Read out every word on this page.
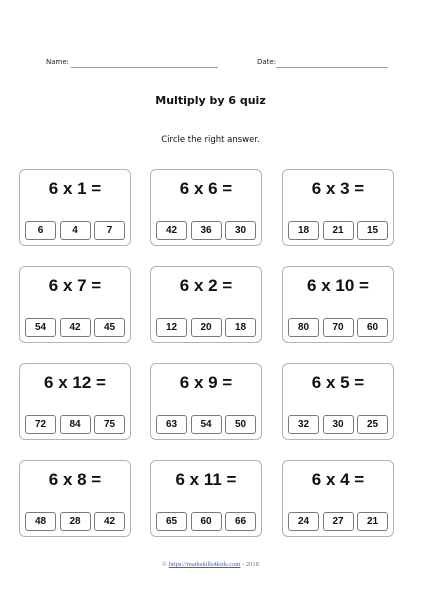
Name:	Date:
Multiply by 6 quiz
Circle the right answer.
6 x 1 =
6	4	7
6 x 6 =
42	36	30
6 x 3 =
18	21	15
6 x 7 =
54	42	45
6 x 2 =
12	20	18
6 x 10 =
80	70	60
6 x 12 =
72	84	75
6 x 9 =
63	54	50
6 x 5 =
32	30	25
6 x 8 =
48	28	42
6 x 11 =
65	60	66
6 x 4 =
24	27	21
© https://mathskills4kids.com - 2018
